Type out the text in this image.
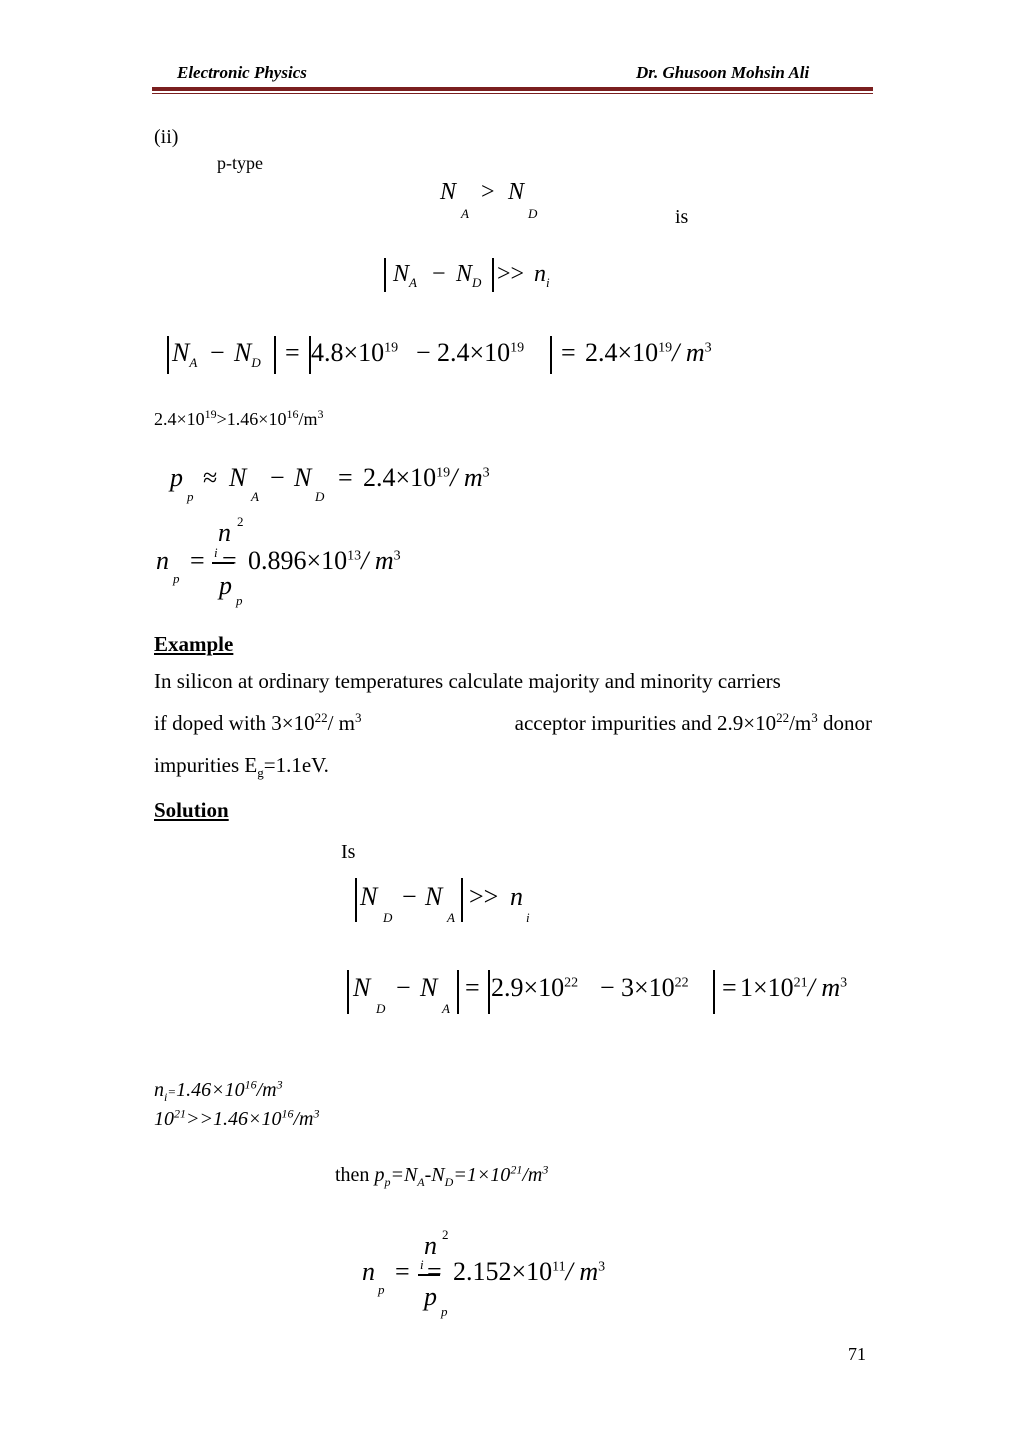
Electronic Physics	Dr. Ghusoon Mohsin Ali
(ii)
p-type
N
A
> N
D	is
$N_A - N_D >> n_i$
$N_A - N_D = 4.8\times 10^{19} - 2.4\times 10^{19} = 2.4\times 10^{19}/$ $m^3$
$2.4\times 10^{19}>1.46\times 10^{16}/m^3$
p
p
≈ N
A
− N
D
= $2.4\times 10^{19}/$ $m^3$
n 2
i
n
p
=
p
p
= $0.896\times 10^{13}/$ $m^3$
Example
In silicon at ordinary temperatures calculate majority and minority carriers
if doped with $3\times 10^{22}/$ $m^3$	acceptor impurities and $2.9\times 10^{22}/m^3$ donor
impurities $E_g=1.1eV$.
Solution
Is
N
D
− N
A
>> n
i
N
D
− N
A
= $2.9\times 10^{22} - 3\times 10^{22} = 1\times 10^{21}/$ $m^3$
$n_i=1.46\times 10^{16}/m^3$
$10^{21}>>1.46\times 10^{16}/m^3$
then $p_p=N_A-N_D=1\times 10^{21}/m^3$
n 2
i
n
p
=
p
p
= $2.152\times 10^{11}/$ $m^3$
71
